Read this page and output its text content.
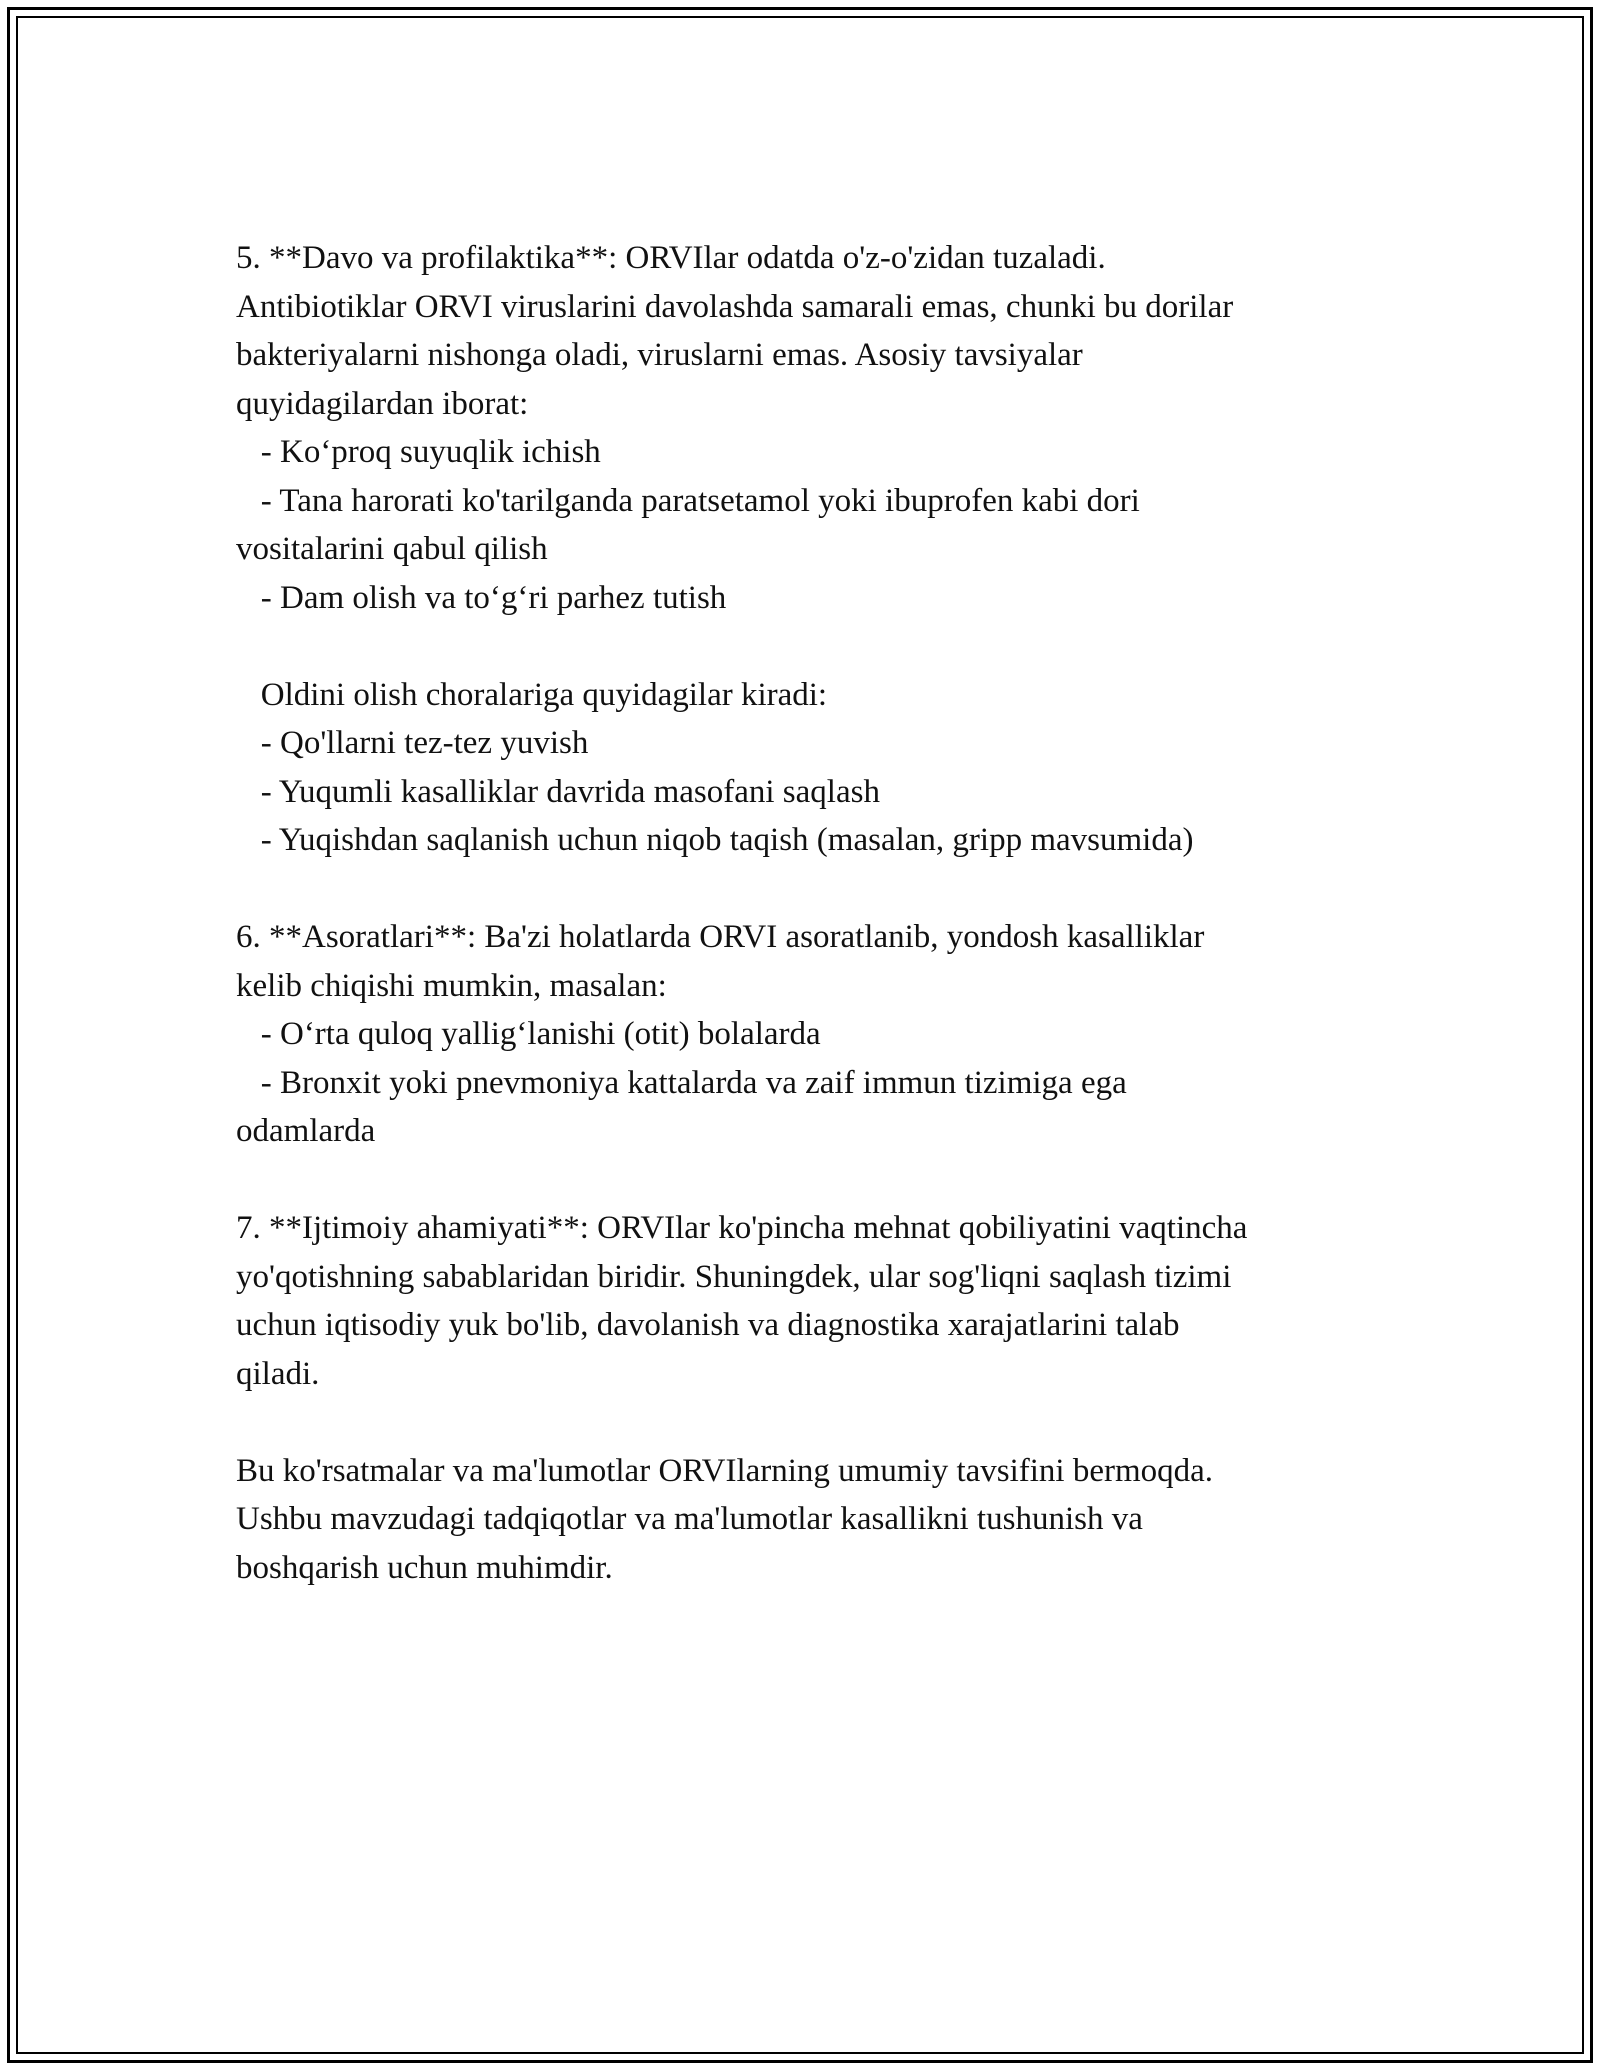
5. **Davo va profilaktika**: ORVIlar odatda o'z-o'zidan tuzaladi.
Antibiotiklar ORVI viruslarini davolashda samarali emas, chunki bu dorilar
bakteriyalarni nishonga oladi, viruslarni emas. Asosiy tavsiyalar
quyidagilardan iborat:
- Ko‘proq suyuqlik ichish
- Tana harorati ko'tarilganda paratsetamol yoki ibuprofen kabi dori
vositalarini qabul qilish
- Dam olish va to‘g‘ri parhez tutish
Oldini olish choralariga quyidagilar kiradi:
- Qo'llarni tez-tez yuvish
- Yuqumli kasalliklar davrida masofani saqlash
- Yuqishdan saqlanish uchun niqob taqish (masalan, gripp mavsumida)
6. **Asoratlari**: Ba'zi holatlarda ORVI asoratlanib, yondosh kasalliklar
kelib chiqishi mumkin, masalan:
- O‘rta quloq yallig‘lanishi (otit) bolalarda
- Bronxit yoki pnevmoniya kattalarda va zaif immun tizimiga ega
odamlarda
7. **Ijtimoiy ahamiyati**: ORVIlar ko'pincha mehnat qobiliyatini vaqtincha
yo'qotishning sabablaridan biridir. Shuningdek, ular sog'liqni saqlash tizimi
uchun iqtisodiy yuk bo'lib, davolanish va diagnostika xarajatlarini talab
qiladi.
Bu ko'rsatmalar va ma'lumotlar ORVIlarning umumiy tavsifini bermoqda.
Ushbu mavzudagi tadqiqotlar va ma'lumotlar kasallikni tushunish va
boshqarish uchun muhimdir.
